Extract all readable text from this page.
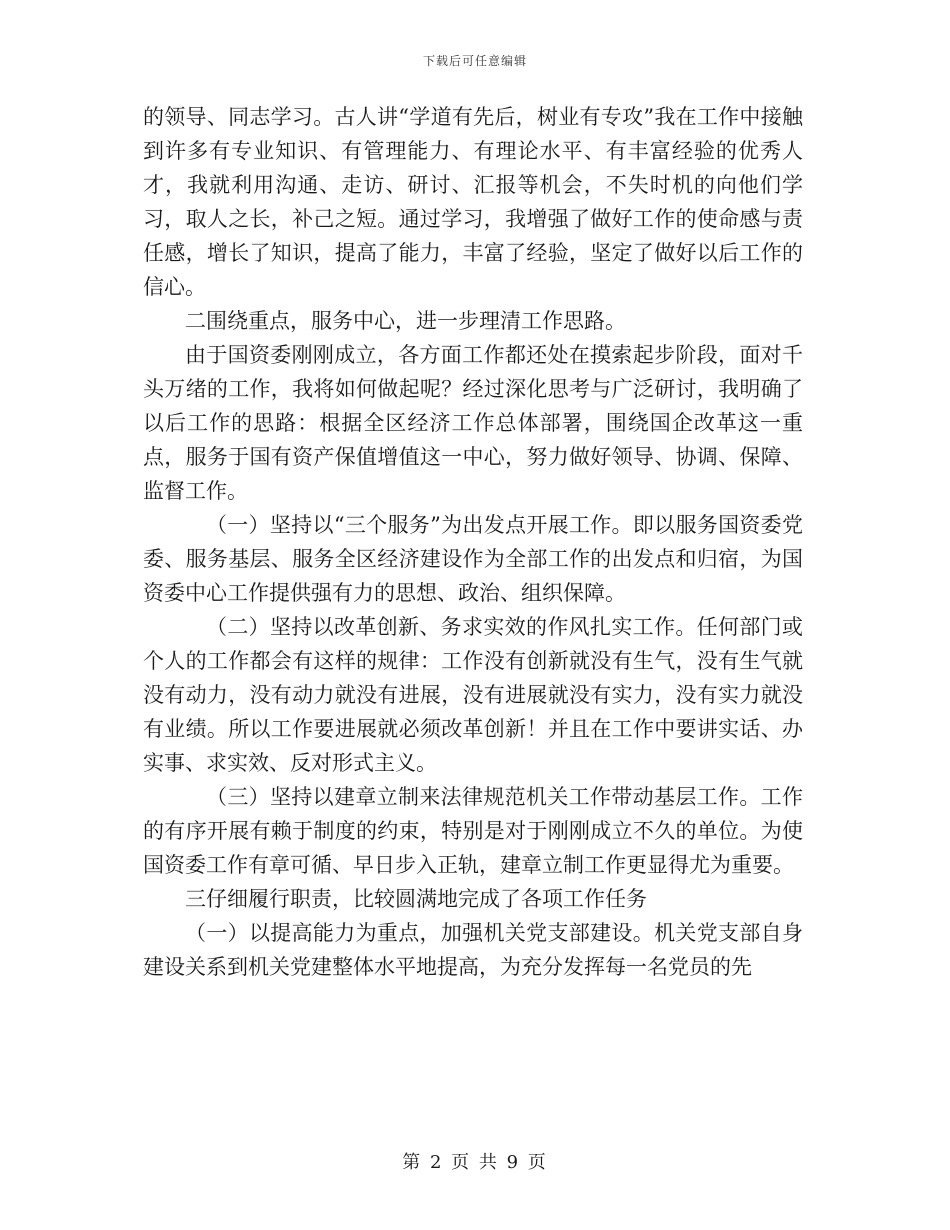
下载后可任意编辑

的领导、同志学习。古人讲“学道有先后，树业有专攻”我在工作中接触到许多有专业知识、有管理能力、有理论水平、有丰富经验的优秀人才，我就利用沟通、走访、研讨、汇报等机会，不失时机的向他们学习，取人之长，补己之短。通过学习，我增强了做好工作的使命感与责任感，增长了知识，提高了能力，丰富了经验，坚定了做好以后工作的信心。

二围绕重点，服务中心，进一步理清工作思路。

由于国资委刚刚成立，各方面工作都还处在摸索起步阶段，面对千头万绪的工作，我将如何做起呢？经过深化思考与广泛研讨，我明确了以后工作的思路：根据全区经济工作总体部署，围绕国企改革这一重点，服务于国有资产保值增值这一中心，努力做好领导、协调、保障、监督工作。

（一）坚持以“三个服务”为出发点开展工作。即以服务国资委党委、服务基层、服务全区经济建设作为全部工作的出发点和归宿，为国资委中心工作提供强有力的思想、政治、组织保障。

（二）坚持以改革创新、务求实效的作风扎实工作。任何部门或个人的工作都会有这样的规律：工作没有创新就没有生气，没有生气就没有动力，没有动力就没有进展，没有进展就没有实力，没有实力就没有业绩。所以工作要进展就必须改革创新！并且在工作中要讲实话、办实事、求实效、反对形式主义。

（三）坚持以建章立制来法律规范机关工作带动基层工作。工作的有序开展有赖于制度的约束，特别是对于刚刚成立不久的单位。为使国资委工作有章可循、早日步入正轨，建章立制工作更显得尤为重要。

三仔细履行职责，比较圆满地完成了各项工作任务

（一）以提高能力为重点，加强机关党支部建设。机关党支部自身建设关系到机关党建整体水平地提高，为充分发挥每一名党员的先

第 2 页 共 9 页
